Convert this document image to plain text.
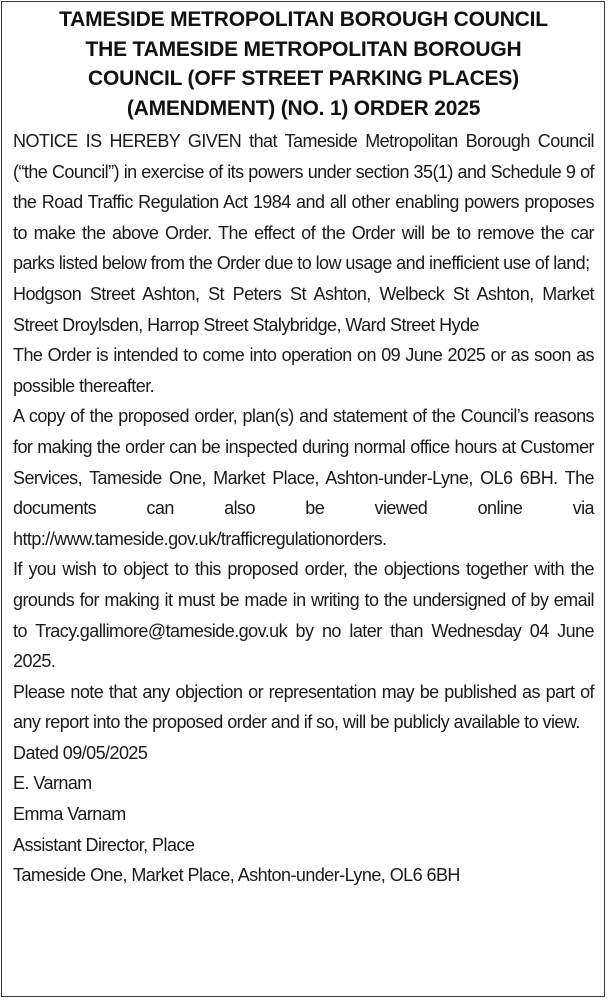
TAMESIDE METROPOLITAN BOROUGH COUNCIL
THE TAMESIDE METROPOLITAN BOROUGH
COUNCIL (OFF STREET PARKING PLACES)
(AMENDMENT) (NO. 1) ORDER 2025

NOTICE IS HEREBY GIVEN that Tameside Metropolitan Borough Council (“the Council”) in exercise of its powers under section 35(1) and Schedule 9 of the Road Traffic Regulation Act 1984 and all other enabling powers proposes to make the above Order. The effect of the Order will be to remove the car parks listed below from the Order due to low usage and inefficient use of land;

Hodgson Street Ashton, St Peters St Ashton, Welbeck St Ashton, Market Street Droylsden, Harrop Street Stalybridge, Ward Street Hyde

The Order is intended to come into operation on 09 June 2025 or as soon as possible thereafter.

A copy of the proposed order, plan(s) and statement of the Council’s reasons for making the order can be inspected during normal office hours at Customer Services, Tameside One, Market Place, Ashton-under-Lyne, OL6 6BH. The documents can also be viewed online via http://www.tameside.gov.uk/trafficregulationorders.

If you wish to object to this proposed order, the objections together with the grounds for making it must be made in writing to the undersigned of by email to Tracy.gallimore@tameside.gov.uk by no later than Wednesday 04 June 2025.

Please note that any objection or representation may be published as part of any report into the proposed order and if so, will be publicly available to view.

Dated 09/05/2025

E. Varnam

Emma Varnam

Assistant Director, Place

Tameside One, Market Place, Ashton-under-Lyne, OL6 6BH
